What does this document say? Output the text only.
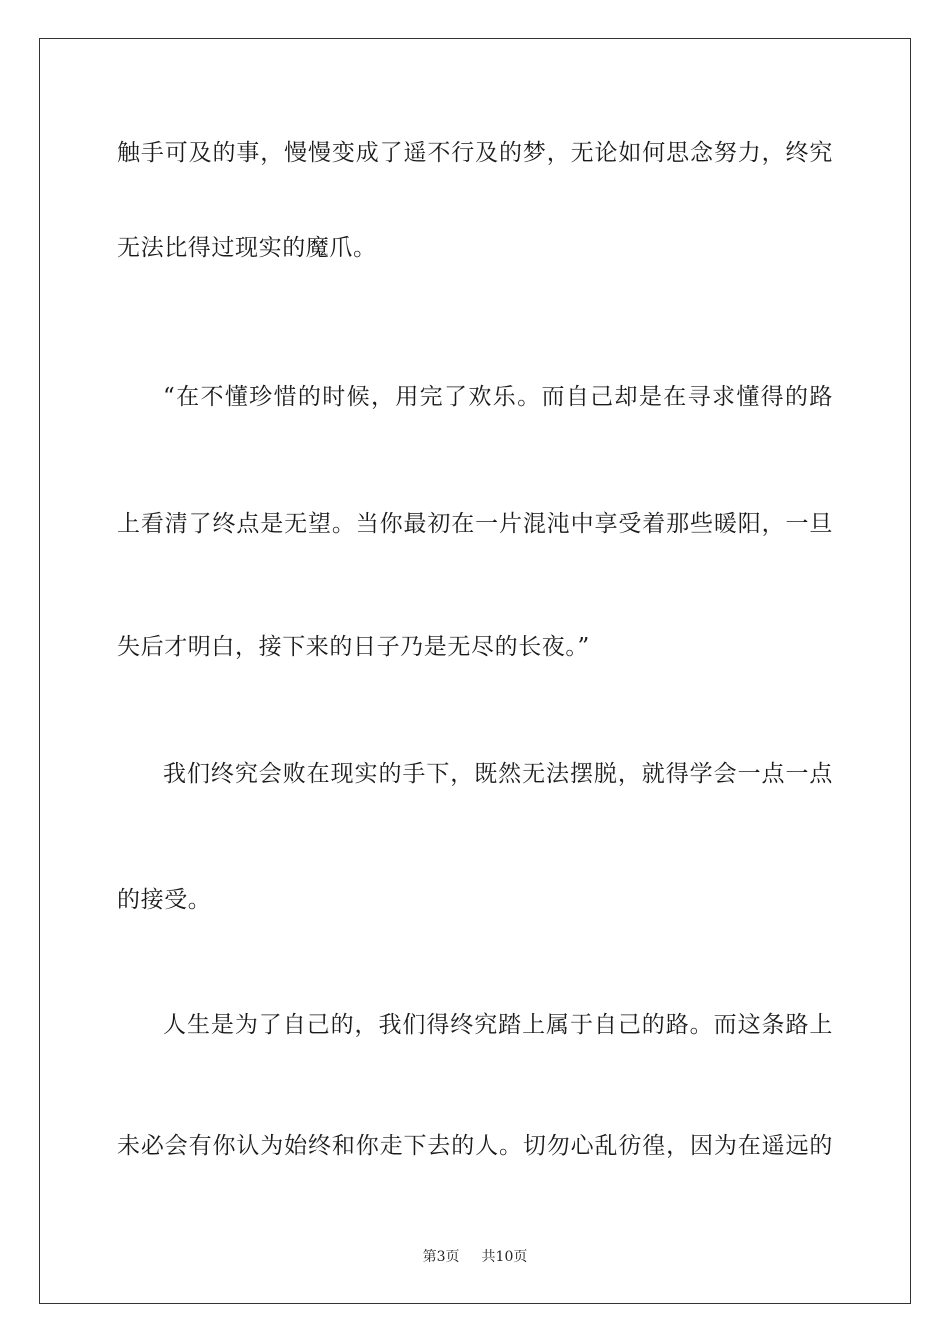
触手可及的事，慢慢变成了遥不行及的梦，无论如何思念努力，终究
无法比得过现实的魔爪。
“在不懂珍惜的时候，用完了欢乐。而自己却是在寻求懂得的路
上看清了终点是无望。当你最初在一片混沌中享受着那些暖阳，一旦
失后才明白，接下来的日子乃是无尽的长夜。”
我们终究会败在现实的手下，既然无法摆脱，就得学会一点一点
的接受。
人生是为了自己的，我们得终究踏上属于自己的路。而这条路上
未必会有你认为始终和你走下去的人。切勿心乱彷徨，因为在遥远的
第3页 共10页
